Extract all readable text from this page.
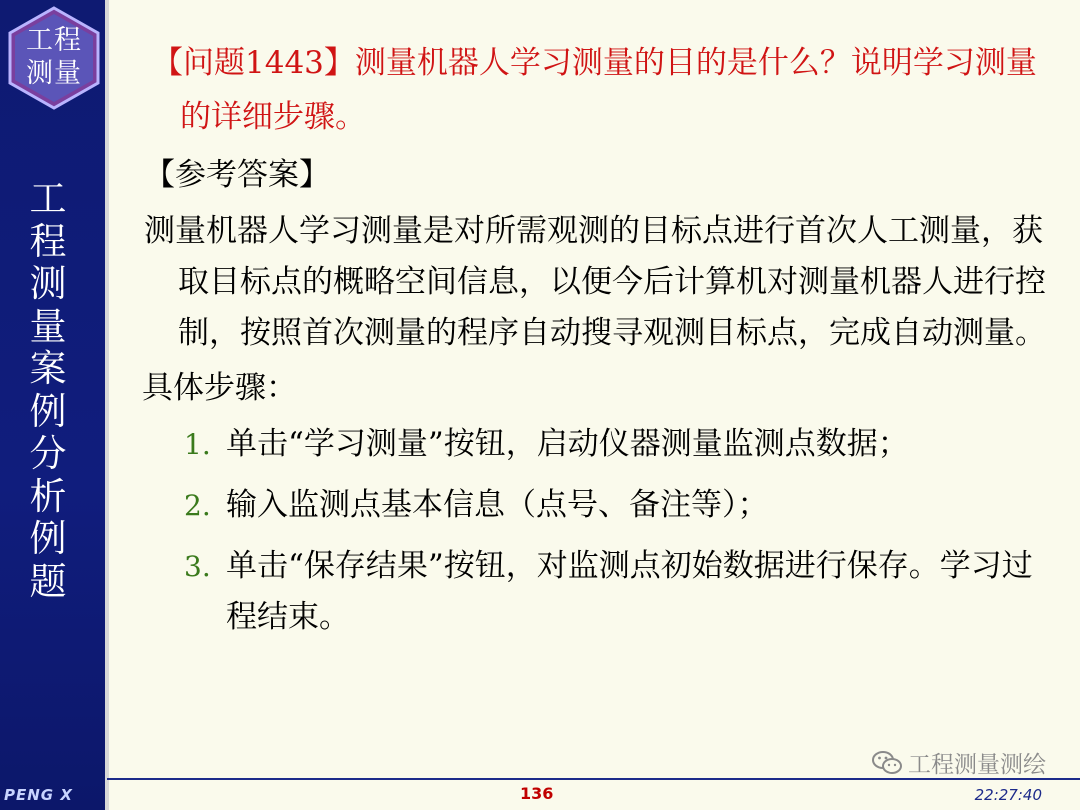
工程
测量
工程测量案例分析例题
PENG X
【问题1443】测量机器人学习测量的目的是什么？说明学习测量的详细步骤。
【参考答案】
测量机器人学习测量是对所需观测的目标点进行首次人工测量，获取目标点的概略空间信息，以便今后计算机对测量机器人进行控制，按照首次测量的程序自动搜寻观测目标点，完成自动测量。
具体步骤：
1. 单击“学习测量”按钮，启动仪器测量监测点数据；
2. 输入监测点基本信息（点号、备注等）；
3. 单击“保存结果”按钮，对监测点初始数据进行保存。学习过程结束。
工程测量测绘
136	22:27:40
